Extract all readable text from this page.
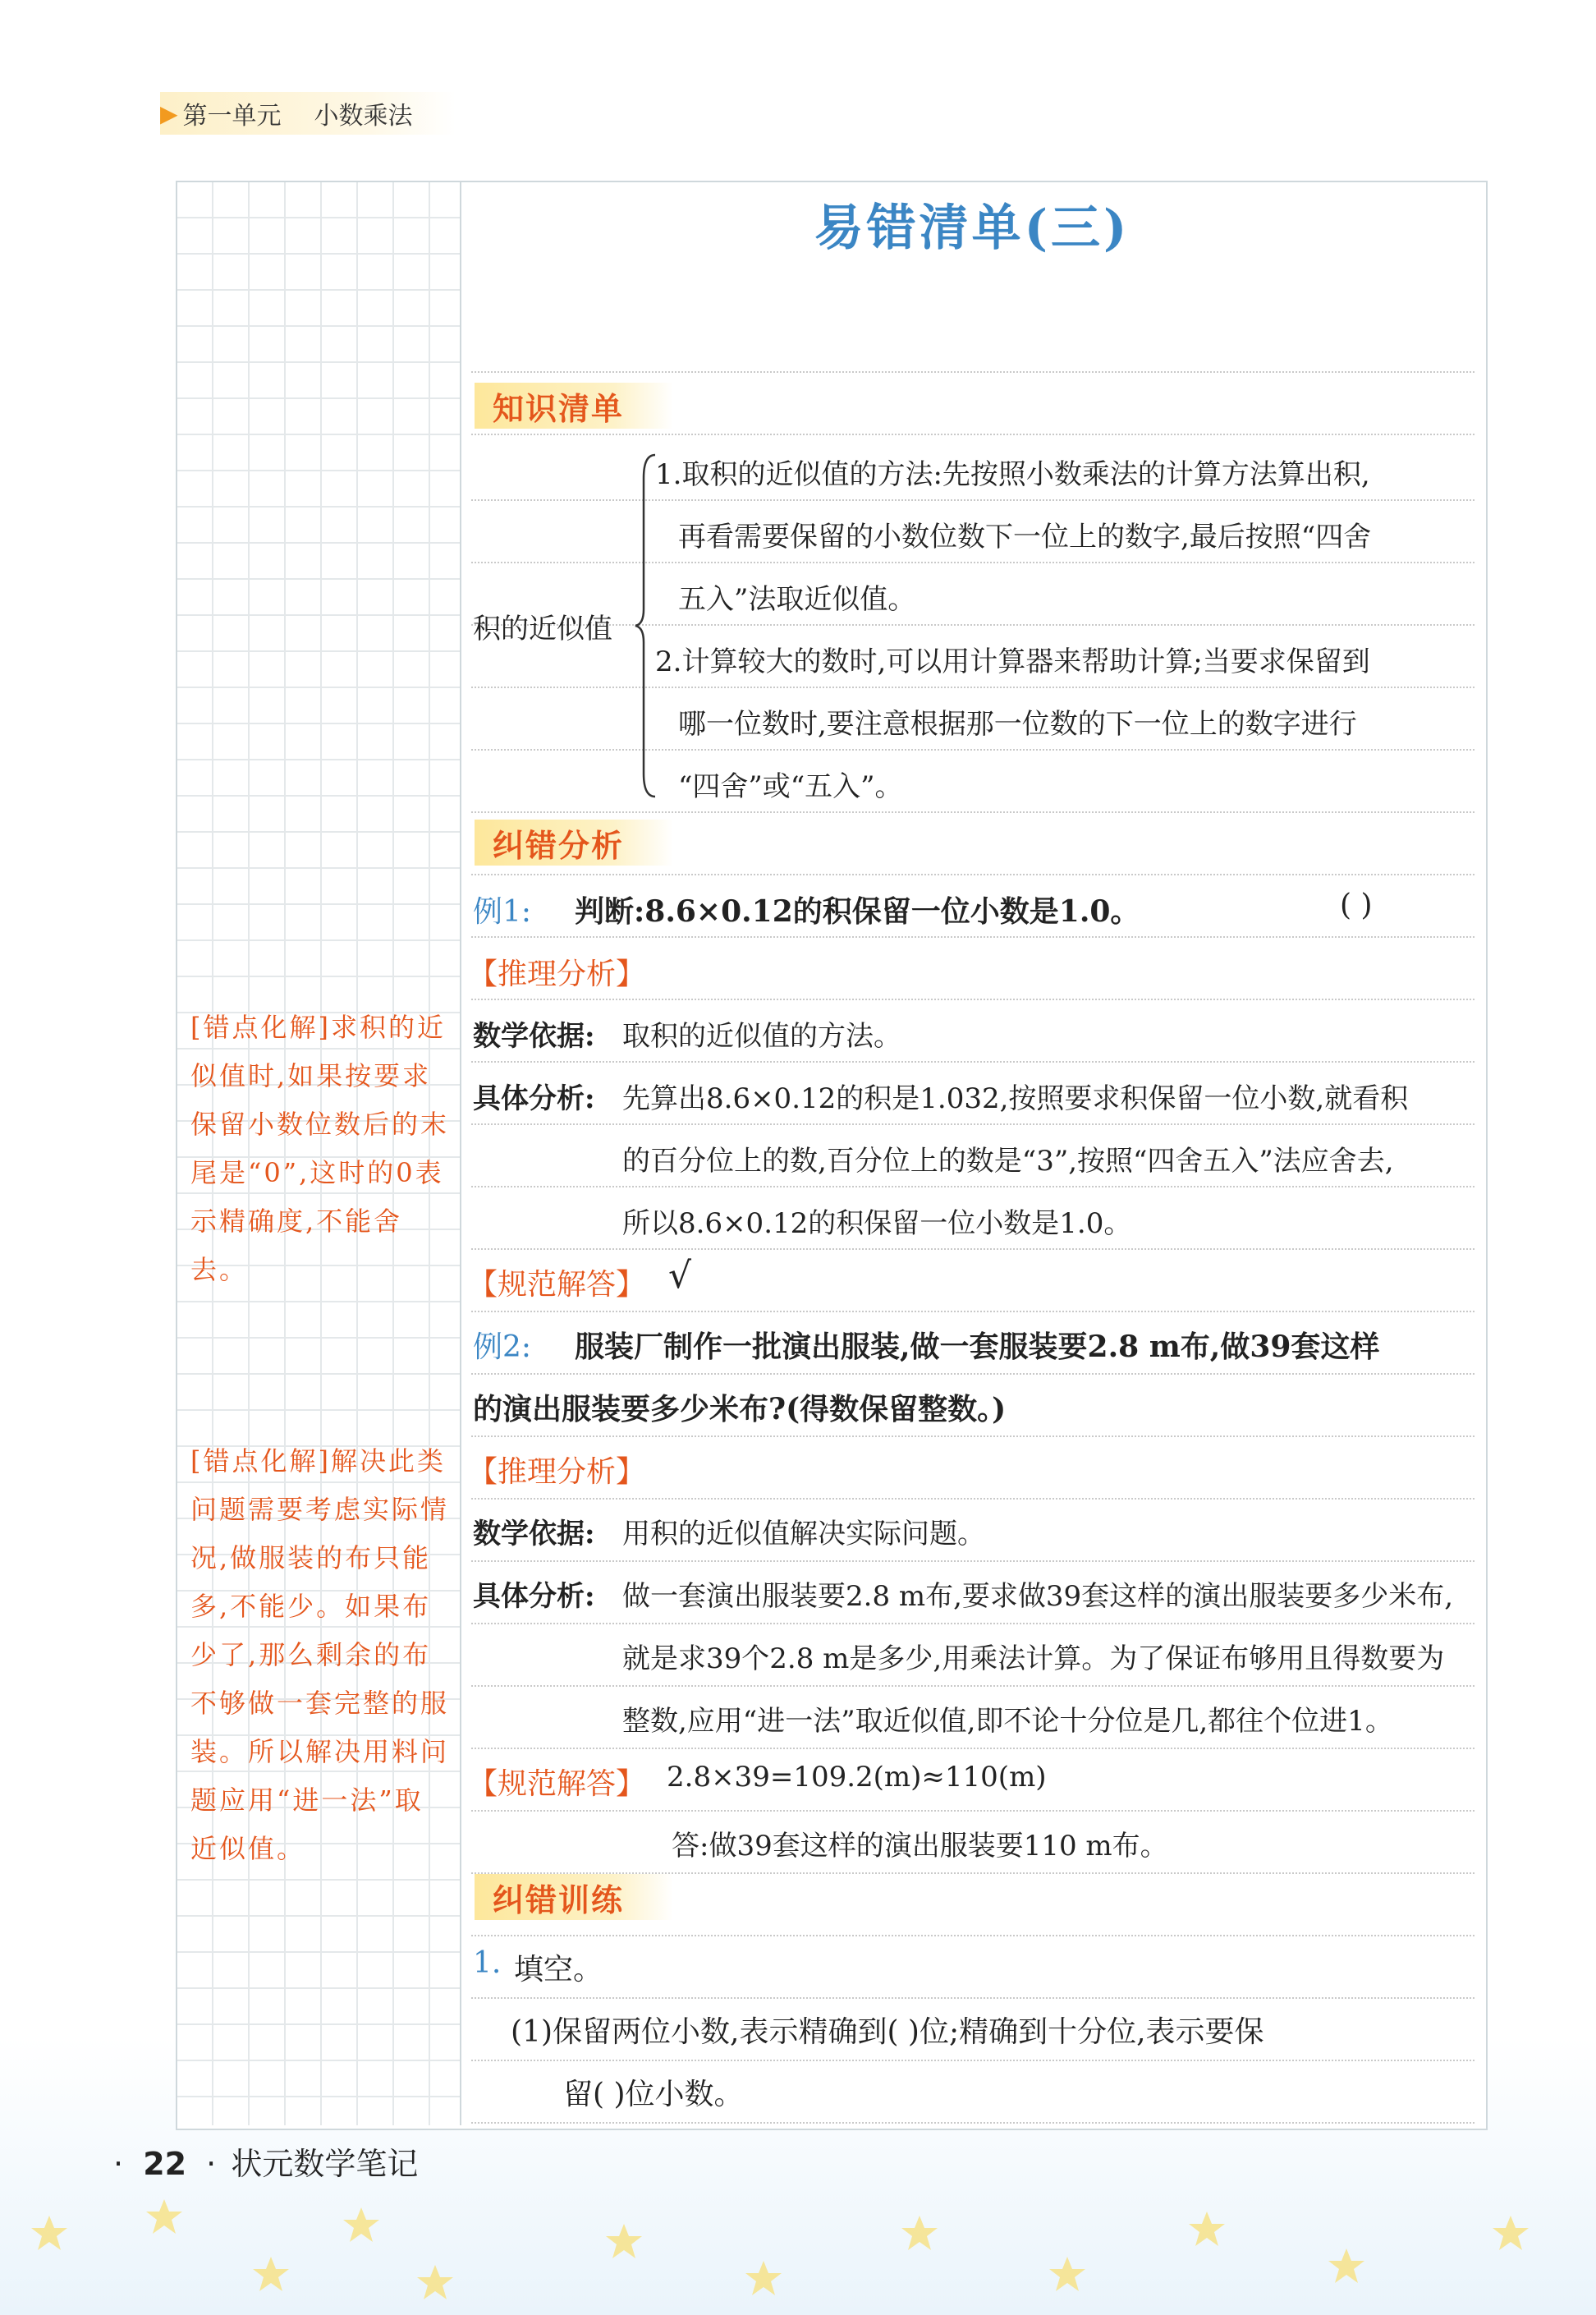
▶ 第一单元 小数乘法
易错清单(三)
知识清单
积的近似值
1.取积的近似值的方法:先按照小数乘法的计算方法算出积,
再看需要保留的小数位数下一位上的数字,最后按照“四舍
五入”法取近似值。
2.计算较大的数时,可以用计算器来帮助计算;当要求保留到
哪一位数时,要注意根据那一位数的下一位上的数字进行
“四舍”或“五入”。
纠错分析
例1: 判断:8.6×0.12的积保留一位小数是1.0。	( )
【推理分析】
数学依据: 取积的近似值的方法。
具体分析: 先算出8.6×0.12的积是1.032,按照要求积保留一位小数,就看积
的百分位上的数,百分位上的数是“3”,按照“四舍五入”法应舍去,
所以8.6×0.12的积保留一位小数是1.0。
【规范解答】 √
例2: 服装厂制作一批演出服装,做一套服装要2.8 m布,做39套这样
的演出服装要多少米布?(得数保留整数。)
【推理分析】
数学依据: 用积的近似值解决实际问题。
具体分析: 做一套演出服装要2.8 m布,要求做39套这样的演出服装要多少米布,
就是求39个2.8 m是多少,用乘法计算。为了保证布够用且得数要为
整数,应用“进一法”取近似值,即不论十分位是几,都往个位进1。
【规范解答】 2.8×39=109.2(m)≈110(m)
答:做39套这样的演出服装要110 m布。
纠错训练
1. 填空。
(1)保留两位小数,表示精确到( )位;精确到十分位,表示要保
留( )位小数。
[错点化解]求积的近似值时,如果按要求保留小数位数后的末尾是“0”,这时的0表示精确度,不能舍去。
[错点化解]解决此类问题需要考虑实际情况,做服装的布只能多,不能少。如果布少了,那么剩余的布不够做一套完整的服装。所以解决用料问题应用“进一法”取近似值。
· 22 · 状元数学笔记
